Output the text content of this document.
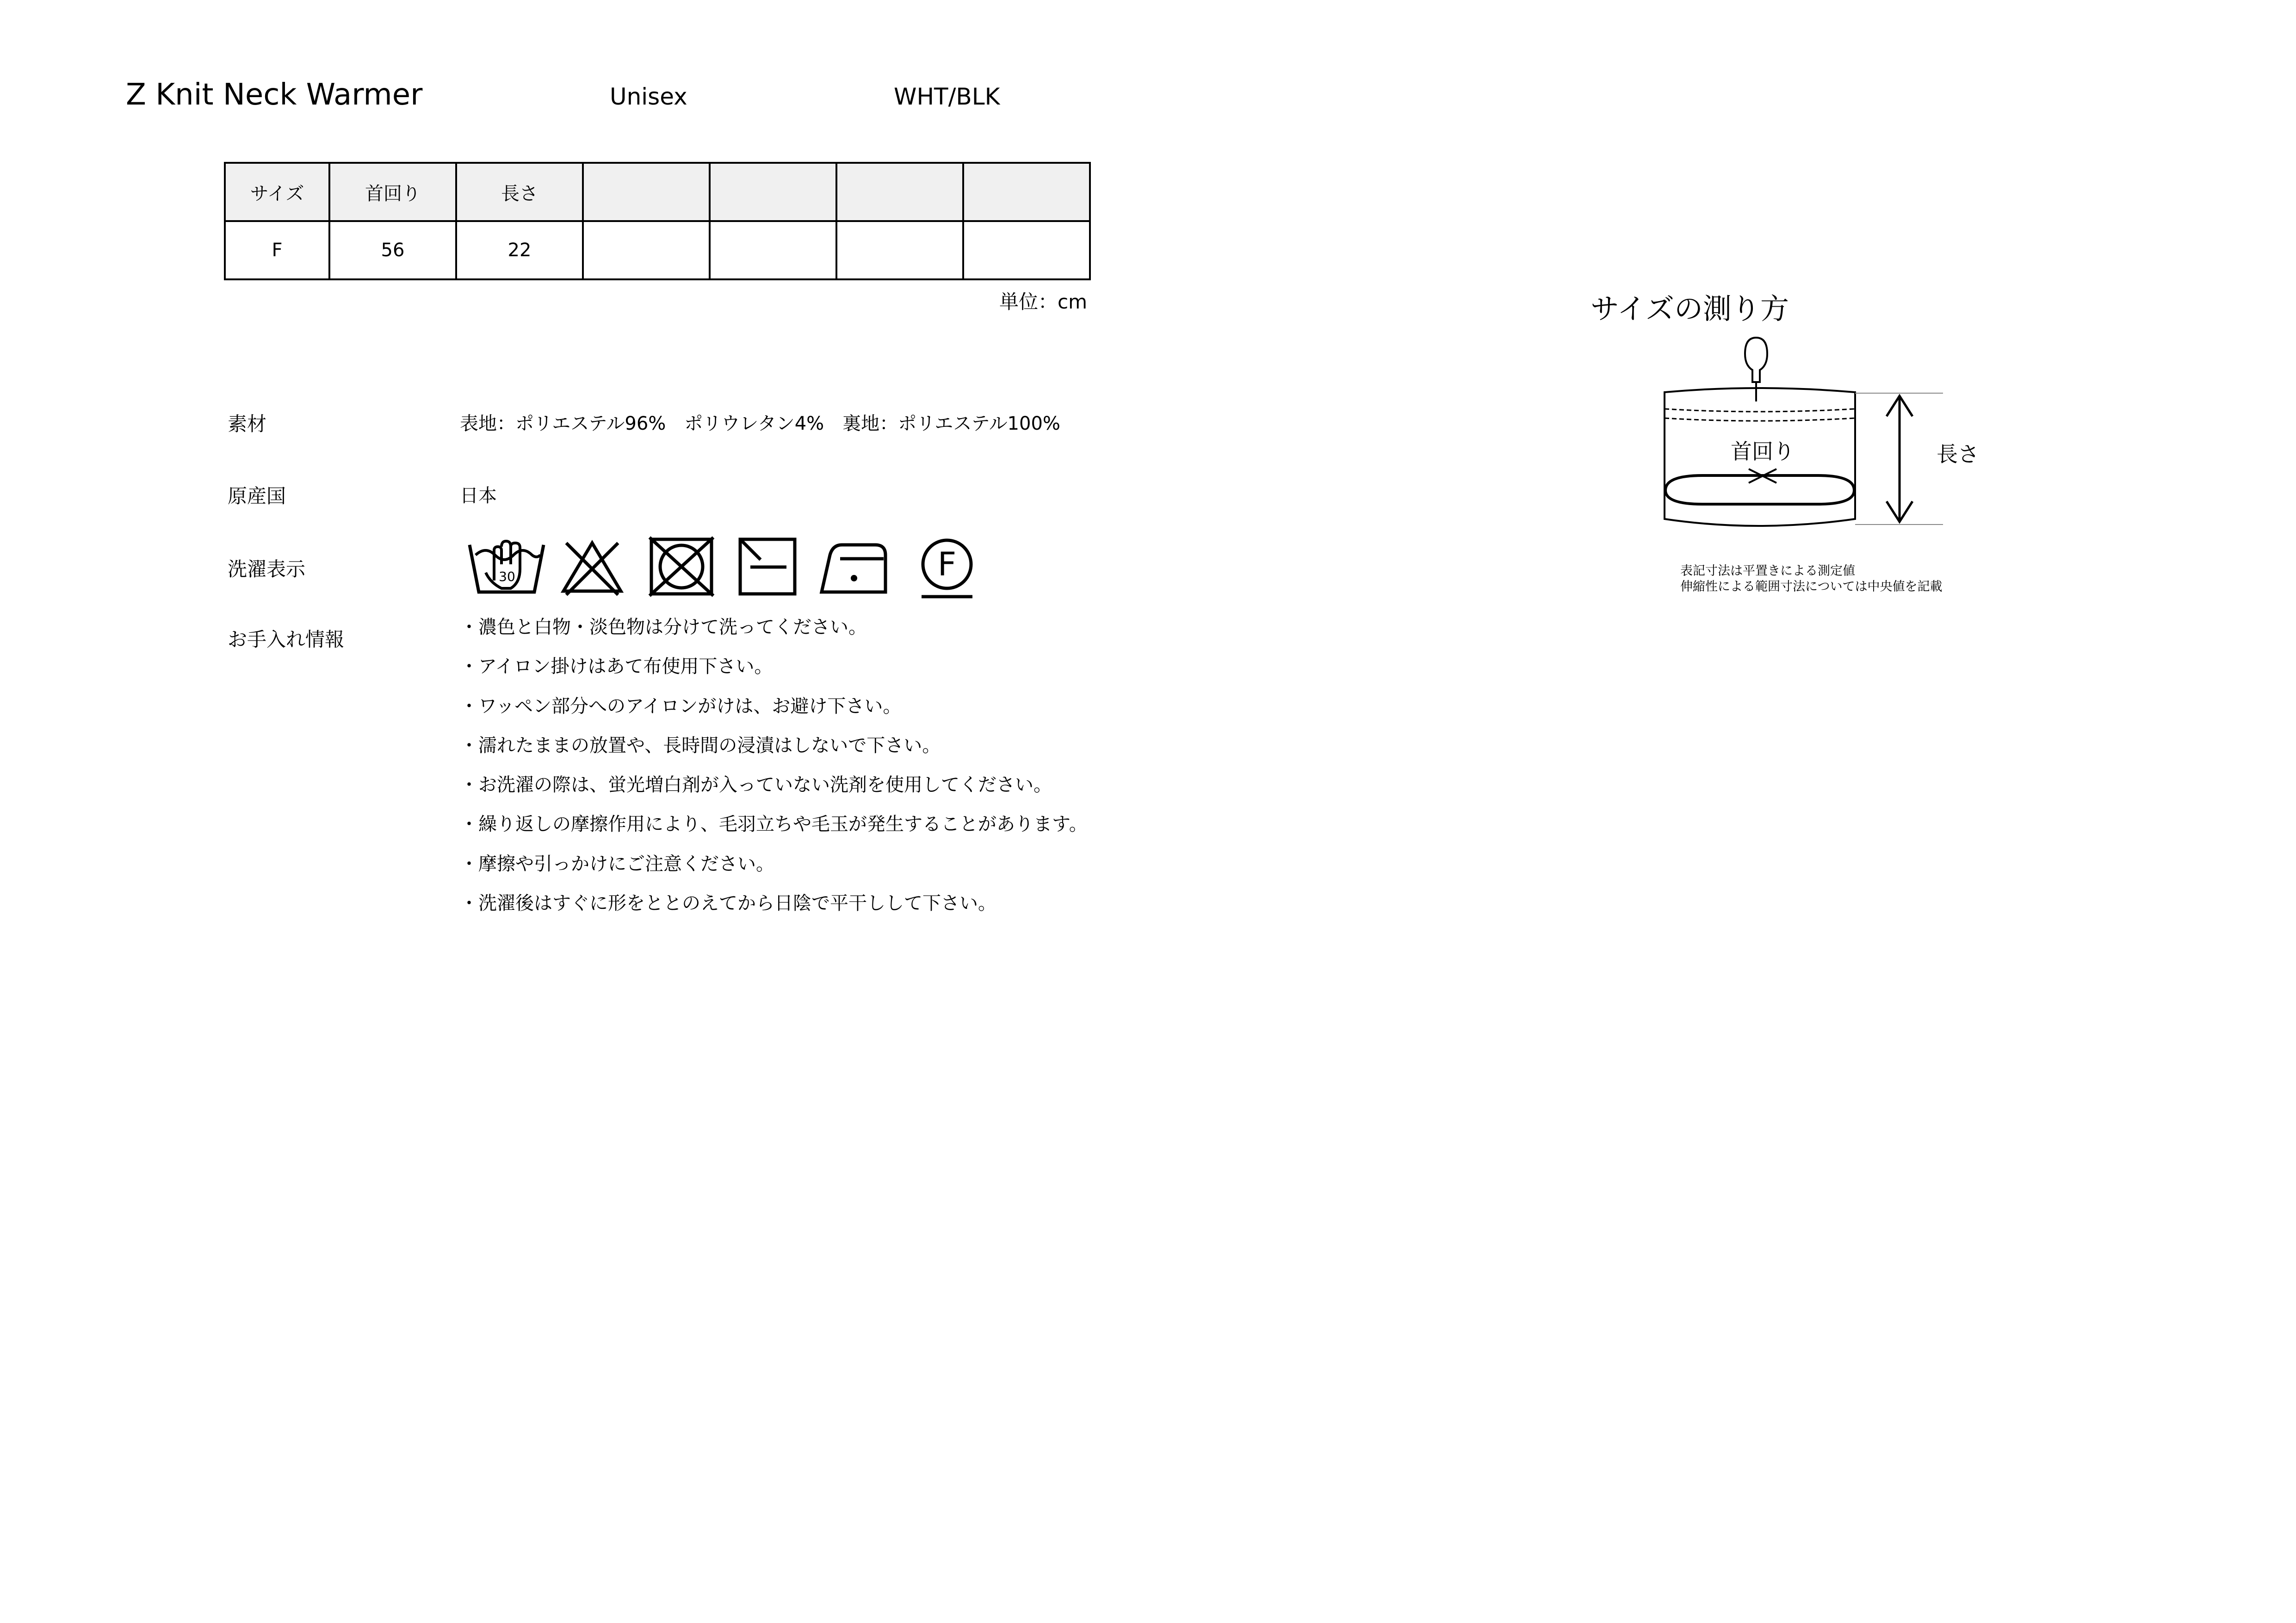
Z Knit Neck Warmer	Unisex	WHT/BLK
サイズ	首回り	長さ				
F	56	22				
単位：cm
素材	表地：ポリエステル96%　ポリウレタン4%　裏地：ポリエステル100%
原産国	日本
洗濯表示	30	F
お手入れ情報
・濃色と白物・淡色物は分けて洗ってください。
・アイロン掛けはあて布使用下さい。
・ワッペン部分へのアイロンがけは、お避け下さい。
・濡れたままの放置や、長時間の浸漬はしないで下さい。
・お洗濯の際は、蛍光増白剤が入っていない洗剤を使用してください。
・繰り返しの摩擦作用により、毛羽立ちや毛玉が発生することがあります。
・摩擦や引っかけにご注意ください。
・洗濯後はすぐに形をととのえてから日陰で平干しして下さい。
サイズの測り方
首回り	長さ
表記寸法は平置きによる測定値
伸縮性による範囲寸法については中央値を記載
